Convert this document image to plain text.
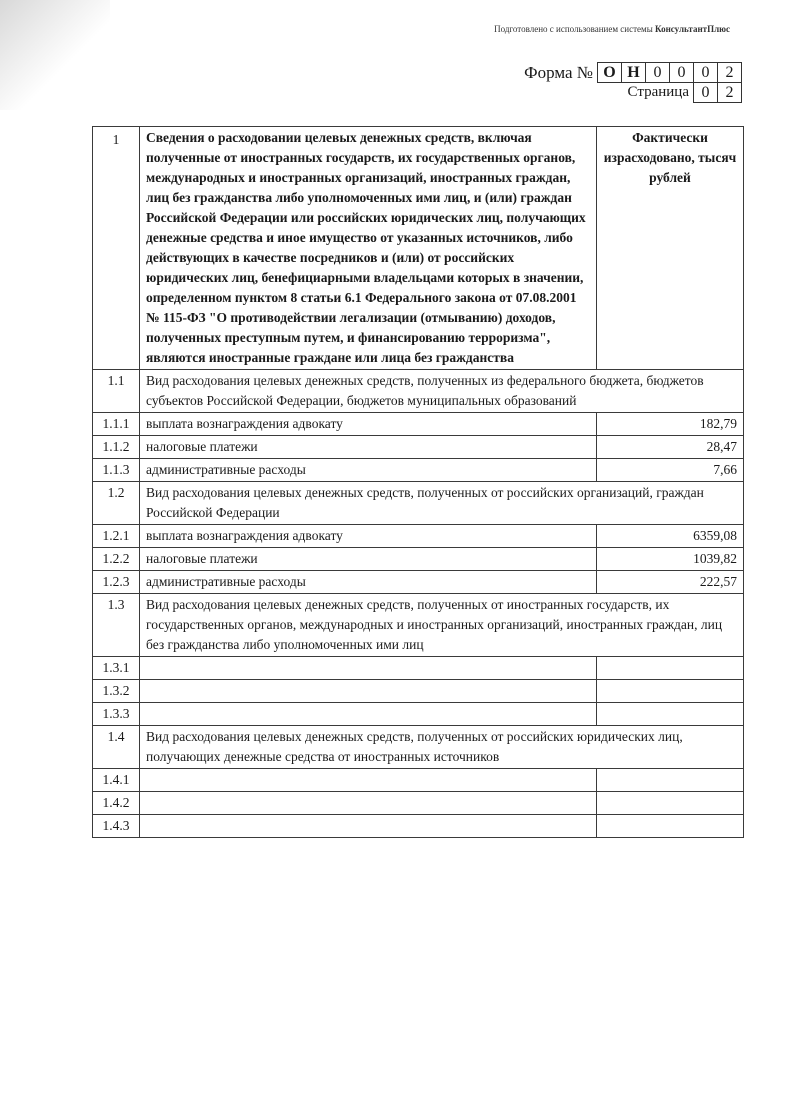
Подготовлено с использованием системы КонсультантПлюс
Форма № О Н 0	0	0	2
Страница 0	2
1	Сведения о расходовании целевых денежных средств, включая полученные от иностранных государств, их государственных органов, международных и иностранных организаций, иностранных граждан, лиц без гражданства либо уполномоченных ими лиц, и (или) граждан Российской Федерации или российских юридических лиц, получающих денежные средства и иное имущество от указанных источников, либо действующих в качестве посредников и (или) от российских юридических лиц, бенефициарными владельцами которых в значении, определенном пунктом 8 статьи 6.1 Федерального закона от 07.08.2001 № 115-ФЗ "О противодействии легализации (отмыванию) доходов, полученных преступным путем, и финансированию терроризма", являются иностранные граждане или лица без гражданства	Фактически израсходовано, тысяч рублей
1.1	Вид расходования целевых денежных средств, полученных из федерального бюджета, бюджетов субъектов Российской Федерации, бюджетов муниципальных образований	
1.1.1	выплата вознаграждения адвокату	182,79
1.1.2	налоговые платежи	28,47
1.1.3	административные расходы	7,66
1.2	Вид расходования целевых денежных средств, полученных от российских организаций, граждан Российской Федерации	
1.2.1	выплата вознаграждения адвокату	6359,08
1.2.2	налоговые платежи	1039,82
1.2.3	административные расходы	222,57
1.3	Вид расходования целевых денежных средств, полученных от иностранных государств, их государственных органов, международных и иностранных организаций, иностранных граждан, лиц без гражданства либо уполномоченных ими лиц	
1.3.1		
1.3.2		
1.3.3		
1.4	Вид расходования целевых денежных средств, полученных от российских юридических лиц, получающих денежные средства от иностранных источников	
1.4.1		
1.4.2		
1.4.3		
